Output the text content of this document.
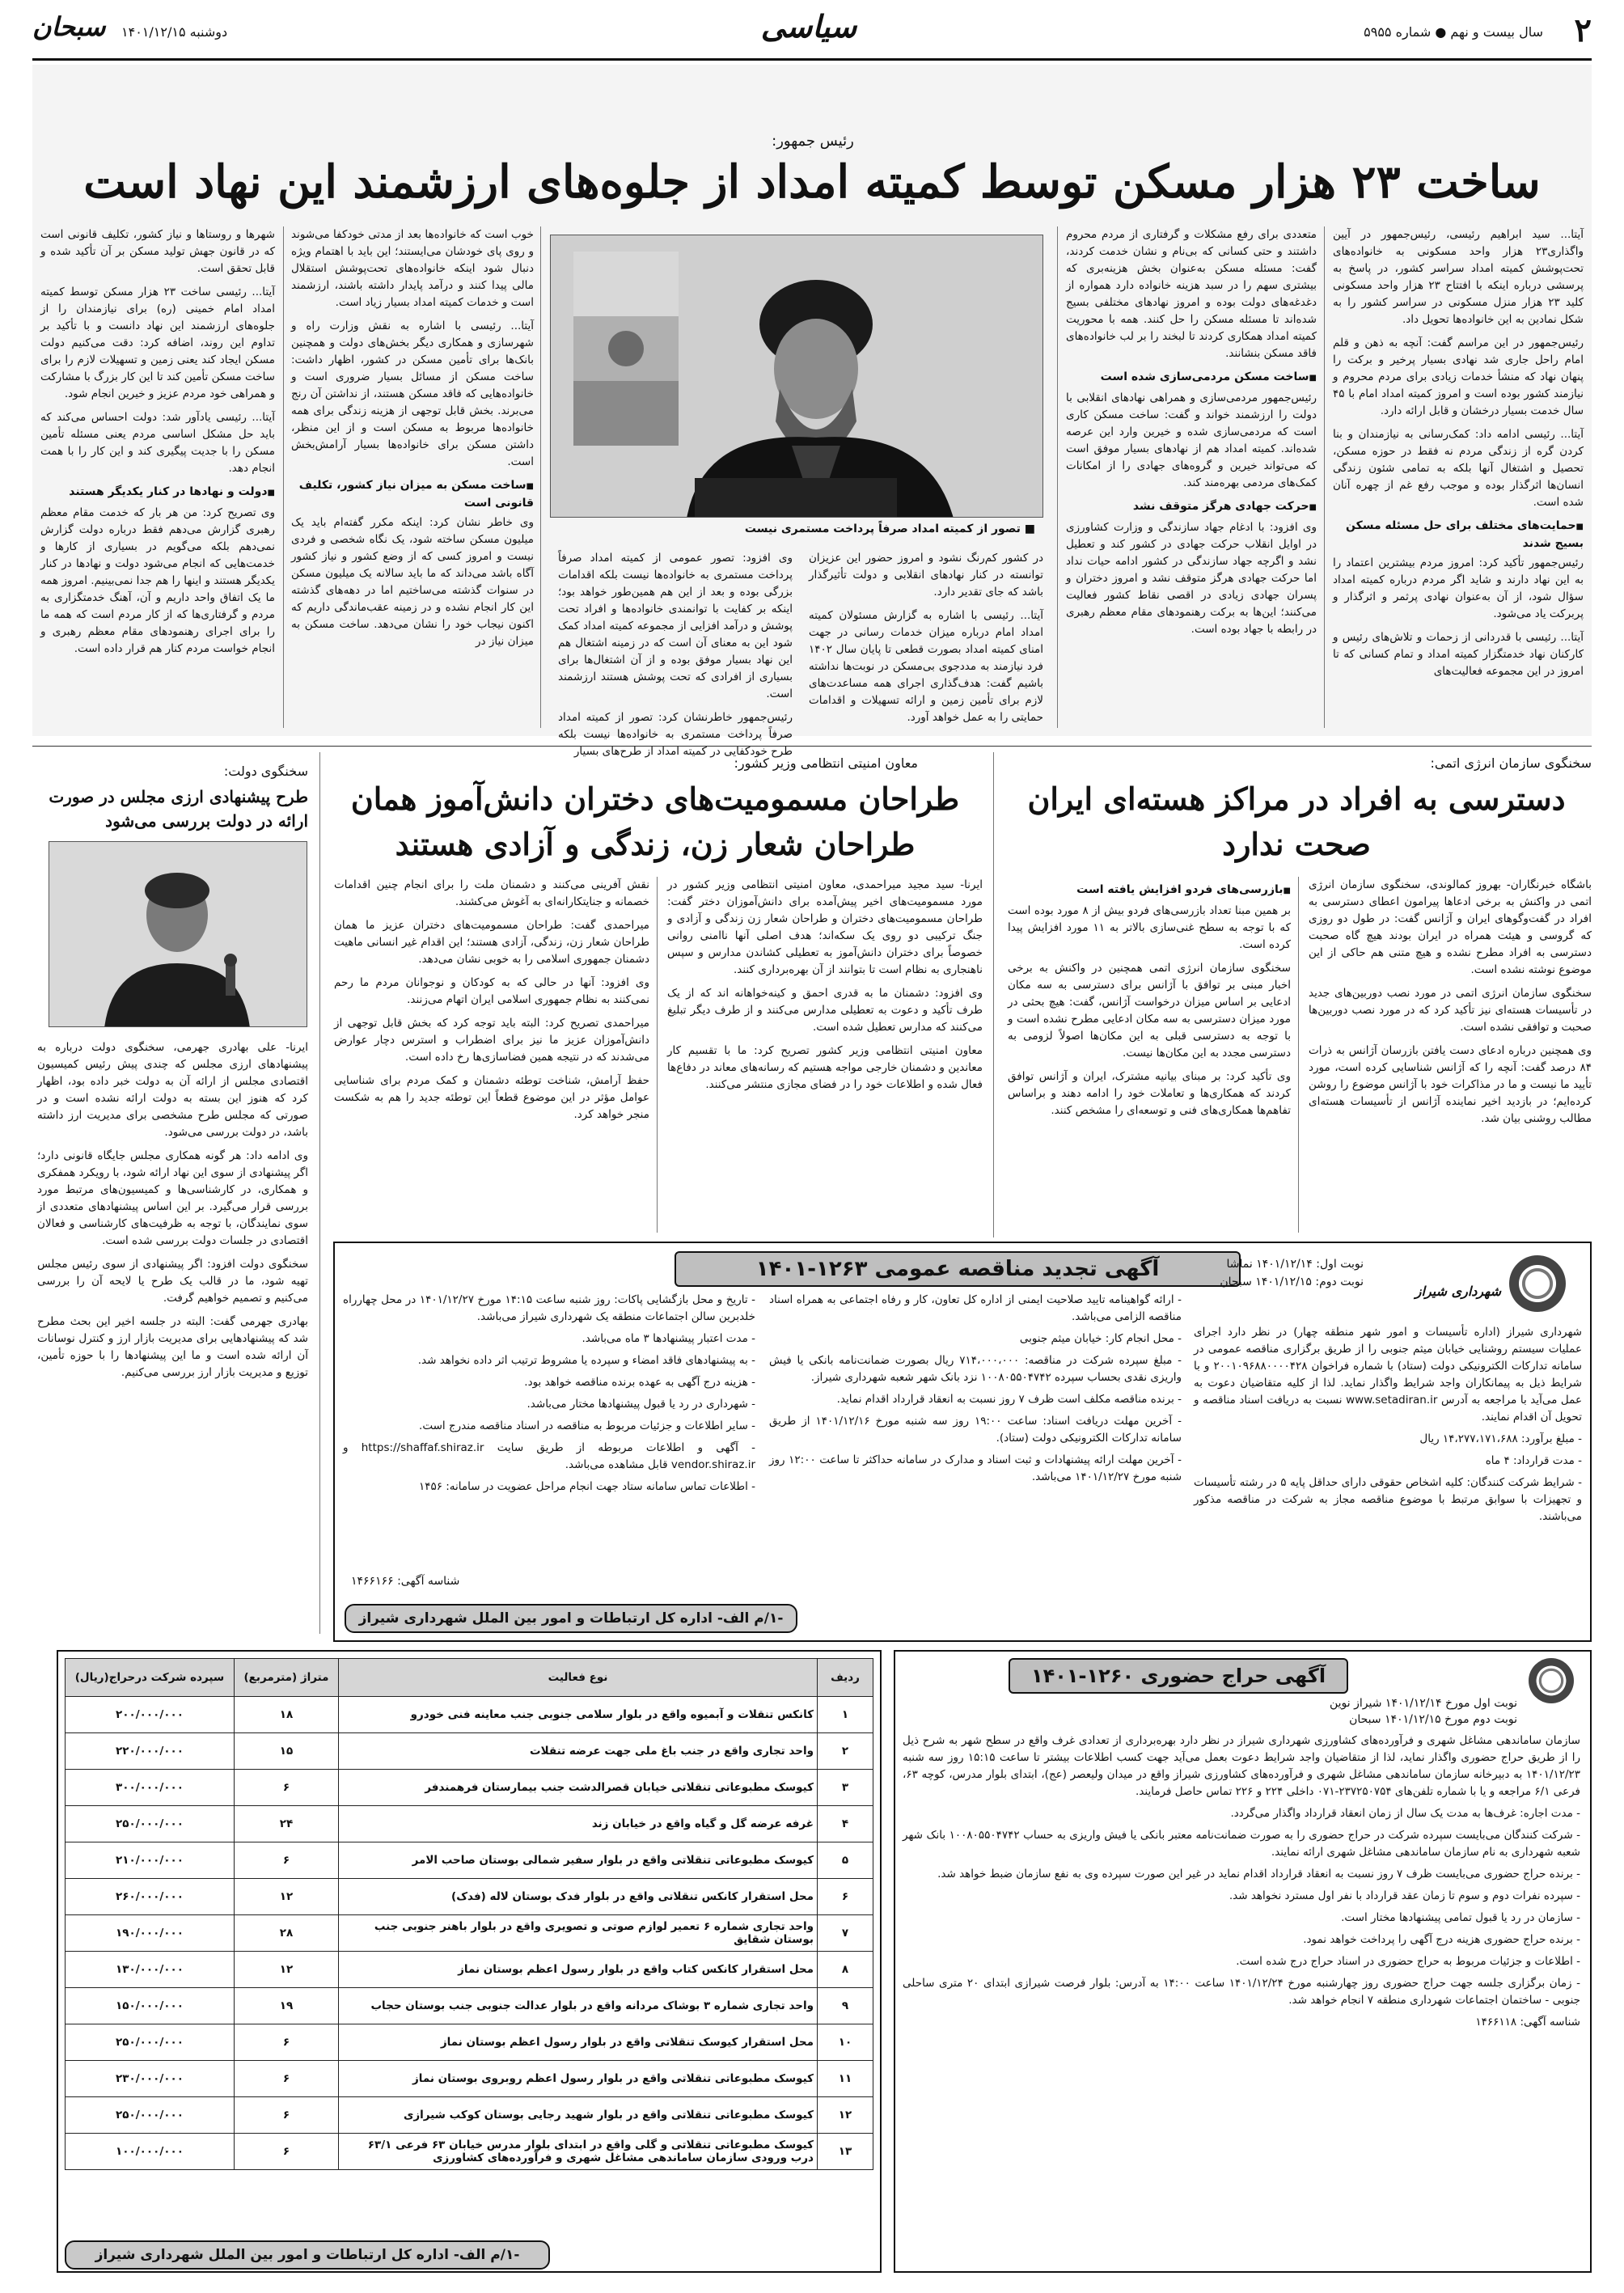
۲
سال بیست و نهم ● شماره ۵۹۵۵
سیاسی
دوشنبه ۱۴۰۱/۱۲/۱۵
سبحان
رئیس جمهور:
ساخت ۲۳ هزار مسکن توسط کمیته امداد از جلوه‌های ارزشمند این نهاد است

آیتا... سید ابراهیم رئیسی، رئیس‌جمهور در آیین واگذاری۲۳ هزار واحد مسکونی به خانواده‌های تحت‌پوشش کمیته امداد سراسر کشور، در پاسخ به پرسشی درباره اینکه با افتتاح ۲۳ هزار واحد مسکونی کلید ۲۳ هزار منزل مسکونی در سراسر کشور را به شکل نمادین به این خانواده‌ها تحویل داد.

رئیس‌جمهور در این مراسم گفت: آنچه به ذهن و قلم امام راحل جاری شد نهادی بسیار پرخیر و برکت را پنهان نهاد که منشأ خدمات زیادی برای مردم محروم و نیازمند کشور بوده است و امروز کمیته امداد امام با ۴۵ سال خدمت بسیار درخشان و قابل ارائه دارد.

آیتا... رئیسی ادامه داد: کمک‌رسانی به نیازمندان و بنا کردن گره از زندگی مردم نه فقط در حوزه مسکن، تحصیل و اشتغال آنها بلکه به تمامی شئون زندگی انسان‌ها اثرگذار بوده و موجب رفع غم از چهره آنان شده است.

■ حمایت‌های مختلف برای حل مسئله مسکن بسیج شدند

رئیس‌جمهور تأکید کرد: امروز مردم بیشترین اعتماد را به این نهاد دارند و شاید اگر مردم درباره کمیته امداد سؤال شود، از آن به‌عنوان نهادی پرثمر و اثرگذار و پربرکت یاد می‌شود.

آیتا... رئیسی با قدردانی از زحمات و تلاش‌های رئیس و کارکنان نهاد خدمتگزار کمیته امداد و تمام کسانی که تا امروز در این مجموعه فعالیت‌های

متعددی برای رفع مشکلات و گرفتاری از مردم محروم داشتند و حتی کسانی که بی‌نام و نشان خدمت کردند، گفت: مسئله مسکن به‌عنوان بخش هزینه‌بری که بیشتری سهم را در سبد هزینه خانواده دارد همواره از دغدغه‌های دولت بوده و امروز نهادهای مختلفی بسیج شده‌اند تا مسئله مسکن را حل کنند. همه با محوریت کمیته امداد همکاری کردند تا لبخند را بر لب خانواده‌های فاقد مسکن بنشانند.

■ ساخت مسکن مردمی‌سازی شده است

رئیس‌جمهور مردمی‌سازی و همراهی نهادهای انقلابی با دولت را ارزشمند خواند و گفت: ساخت مسکن کاری است که مردمی‌سازی شده و خیرین وارد این عرصه شده‌اند. کمیته امداد هم از نهادهای بسیار موفق است که می‌تواند خیرین و گروه‌های جهادی را از امکانات کمک‌های مردمی بهره‌مند کند.

■ حرکت جهادی هرگز متوقف نشد

وی افزود: با ادغام جهاد سازندگی و وزارت کشاورزی در اوایل انقلاب حرکت جهادی در کشور کند و تعطیل نشد و اگرچه جهاد سازندگی در کشور ادامه حیات نداد اما حرکت جهادی هرگز متوقف نشد و امروز دختران و پسران جهادی زیادی در اقصی نقاط کشور فعالیت می‌کنند؛ این‌ها به برکت رهنمودهای مقام معظم رهبری در رابطه با جهاد بوده است.

■ تصور از کمیته امداد صرفاً پرداخت مستمری نیست

در کشور کم‌رنگ نشود و امروز حضور این عزیزان توانسته در کنار نهادهای انقلابی و دولت تأثیرگذار باشد که جای تقدیر دارد.

آیتا... رئیسی با اشاره به گزارش مسئولان کمیته امداد امام درباره میزان خدمات رسانی در جهت امنای کمیته امداد بصورت قطعی تا پایان سال ۱۴۰۲ فرد نیازمند به مددجوی بی‌مسکن در نوبت‌ها نداشته باشیم گفت: هدف‌گذاری اجرای همه مساعدت‌های لازم برای تأمین زمین و ارائه تسهیلات و اقدامات حمایتی را به عمل خواهد آورد.

وی افزود: تصور عمومی از کمیته امداد صرفاً پرداخت مستمری به خانواده‌ها نیست بلکه اقدامات بزرگی بوده و بعد از این هم همین‌طور خواهد بود؛ اینکه بر کفایت با توانمندی خانواده‌ها و افراد تحت پوشش و درآمد افزایی از مجموعه کمیته امداد کمک شود این به معنای آن است که در زمینه اشتغال هم این نهاد بسیار موفق بوده و از آن اشتغال‌ها برای بسیاری از افرادی که تحت پوشش هستند ارزشمند است.

رئیس‌جمهور خاطرنشان کرد: تصور از کمیته امداد صرفاً پرداخت مستمری به خانواده‌ها نیست بلکه طرح خودکفایی در کمیته امداد از طرح‌های بسیار

خوب است که خانواده‌ها بعد از مدتی خودکفا می‌شوند و روی پای خودشان می‌ایستند؛ این باید با اهتمام ویژه دنبال شود اینکه خانواده‌های تحت‌پوشش استقلال مالی پیدا کنند و درآمد پایدار داشته باشند، ارزشمند است و خدمات کمیته امداد بسیار زیاد است.

آیتا... رئیسی با اشاره به نقش وزارت راه و شهرسازی و همکاری دیگر بخش‌های دولت و همچنین بانک‌ها برای تأمین مسکن در کشور، اظهار داشت: ساخت مسکن از مسائل بسیار ضروری است و خانواده‌هایی که فاقد مسکن هستند، از نداشتن آن رنج می‌برند. بخش قابل توجهی از هزینه زندگی برای همه خانواده‌ها مربوط به مسکن است و از این منظر، داشتن مسکن برای خانواده‌ها بسیار آرامش‌بخش است.

■ ساخت مسکن به میزان نیاز کشور، تکلیف قانونی است

وی خاطر نشان کرد: اینکه مکرر گفته‌ام باید یک میلیون مسکن ساخته شود، یک نگاه شخصی و فردی نیست و امروز کسی که از وضع کشور و نیاز کشور آگاه باشد می‌داند که ما باید سالانه یک میلیون مسکن در سنوات گذشته می‌ساختیم اما در دهه‌های گذشته این کار انجام نشده و در زمینه عقب‌ماندگی داریم که اکنون نیجاب خود را نشان می‌دهد. ساخت مسکن به میزان نیاز در

شهرها و روستاها و نیاز کشور، تکلیف قانونی است که در قانون جهش تولید مسکن بر آن تأکید شده و قابل تحقق است.

آیتا... رئیسی ساخت ۲۳ هزار مسکن توسط کمیته امداد امام خمینی (ره) برای نیازمندان را از جلوه‌های ارزشمند این نهاد دانست و با تأکید بر تداوم این روند، اضافه کرد: دقت می‌کنیم دولت مسکن ایجاد کند یعنی زمین و تسهیلات لازم را برای ساخت مسکن تأمین کند تا این کار بزرگ با مشارکت و همراهی خود مردم عزیز و خیرین انجام شود.

آیتا... رئیسی یادآور شد: دولت احساس می‌کند که باید حل مشکل اساسی مردم یعنی مسئله تأمین مسکن را با جدیت پیگیری کند و این کار را با همت انجام دهد.

■ دولت و نهادها در کنار یکدیگر هستند

وی تصریح کرد: من هر بار که خدمت مقام معظم رهبری گزارش می‌دهم فقط درباره دولت گزارش نمی‌دهم بلکه می‌گویم در بسیاری از کارها و خدمت‌هایی که انجام می‌شود دولت و نهادها در کنار یکدیگر هستند و اینها را هم جدا نمی‌بینیم. امروز همه ما یک اتفاق واحد داریم و آن، آهنگ خدمتگزاری به مردم و گرفتاری‌ها که از کار مردم است که همه ما را برای اجرای رهنمودهای مقام معظم رهبری و انجام خواست مردم کنار هم قرار داده است.

سخنگوی سازمان انرژی اتمی:
دسترسی به افراد در مراکز هسته‌ای ایران صحت ندارد

باشگاه خبرنگاران- بهروز کمالوندی، سخنگوی سازمان انرژی اتمی در واکنش به برخی ادعاها پیرامون اعطای دسترسی به افراد در گفت‌وگوهای ایران و آژانس گفت: در طول دو روزی که گروسی و هیئت همراه در ایران بودند هیچ گاه صحبت دسترسی به افراد مطرح نشده و هیچ متنی هم حاکی از این موضوع نوشته نشده است.

سخنگوی سازمان انرژی اتمی در مورد نصب دوربین‌های جدید در تأسیسات هسته‌ای نیز تأکید کرد که در مورد نصب دوربین‌ها صحبت و توافقی نشده است.

وی همچنین درباره ادعای دست یافتن بازرسان آژانس به ذرات ۸۴ درصد گفت: آنچه را که آژانس شناسایی کرده است، مورد تأیید ما نیست و ما در مذاکرات خود با آژانس موضوع را روشن کرده‌ایم؛ در بازدید اخیر نماینده آژانس از تأسیسات هسته‌ای مطالب روشنی بیان شد.

■ بازرسی‌های فردو افزایش یافته است

بر همین مبنا تعداد بازرسی‌های فردو بیش از ۸ مورد بوده است که با توجه به سطح غنی‌سازی بالاتر به ۱۱ مورد افزایش پیدا کرده است.

سخنگوی سازمان انرژی اتمی همچنین در واکنش به برخی اخبار مبنی بر توافق با آژانس برای دسترسی به سه مکان ادعایی بر اساس میزان درخواست آژانس، گفت: هیچ بحثی در مورد میزان دسترسی به سه مکان ادعایی مطرح نشده است و با توجه به دسترسی قبلی به این مکان‌ها اصولاً لزومی به دسترسی مجدد به این مکان‌ها نیست.

وی تأکید کرد: بر مبنای بیانیه مشترک، ایران و آژانس توافق کردند که همکاری‌ها و تعاملات خود را ادامه دهند و براساس تفاهم‌ها همکاری‌های فنی و توسعه‌ای را مشخص کنند.

معاون امنیتی انتظامی وزیر کشور:
طراحان مسمومیت‌های دختران دانش‌آموز همان طراحان شعار زن، زندگی و آزادی هستند

ایرنا- سید مجید میراحمدی، معاون امنیتی انتظامی وزیر کشور در مورد مسمومیت‌های اخیر پیش‌آمده برای دانش‌آموزان دختر گفت: طراحان مسمومیت‌های دختران و طراحان شعار زن زندگی و آزادی و جنگ ترکیبی دو روی یک سکه‌اند؛ هدف اصلی آنها ناامنی روانی خصوصاً برای دختران دانش‌آموز به تعطیلی کشاندن مدارس و سپس ناهنجاری به نظام است تا بتوانند از آن بهره‌برداری کنند.

وی افزود: دشمنان ما به قدری احمق و کینه‌خواهانه اند که از یک طرف تأکید و دعوت به تعطیلی مدارس می‌کنند و از طرف دیگر تبلیغ می‌کنند که مدارس تعطیل شده است.

معاون امنیتی انتظامی وزیر کشور تصریح کرد: ما با تقسیم کار معاندین و دشمنان خارجی مواجه هستیم که رسانه‌های معاند در دفاع‌ها فعال شده و اطلاعات خود را در فضای مجازی منتشر می‌کنند.

نقش آفرینی می‌کنند و دشمنان ملت را برای انجام چنین اقدامات خصمانه و جنایتکارانه‌ای به آغوش می‌کشند.

میراحمدی گفت: طراحان مسمومیت‌های دختران عزیز ما همان طراحان شعار زن، زندگی، آزادی هستند؛ این اقدام غیر انسانی ماهیت دشمنان جمهوری اسلامی را به خوبی نشان می‌دهد.

وی افزود: آنها در حالی که به کودکان و نوجوانان مردم ما رحم نمی‌کنند به نظام جمهوری اسلامی ایران اتهام می‌زنند.

میراحمدی تصریح کرد: البته باید توجه کرد که بخش قابل توجهی از دانش‌آموزان عزیز ما نیز برای اضطراب و استرس دچار عوارض می‌شدند که در نتیجه همین فضاسازی‌ها رخ داده است.

حفظ آرامش، شناخت توطئه دشمنان و کمک مردم برای شناسایی عوامل مؤثر در این موضوع قطعاً این توطئه جدید را هم به شکست منجر خواهد کرد.

سخنگوی دولت:
طرح پیشنهادی ارزی مجلس در صورت ارائه در دولت بررسی می‌شود

ایرنا- علی بهادری جهرمی، سخنگوی دولت درباره به پیشنهادهای ارزی مجلس که چندی پیش رئیس کمیسیون اقتصادی مجلس از ارائه آن به دولت خبر داده بود، اظهار کرد که هنوز این بسته به دولت ارائه نشده است و در صورتی که مجلس طرح مشخصی برای مدیریت ارز داشته باشد، در دولت بررسی می‌شود.

وی ادامه داد: هر گونه همکاری مجلس جایگاه قانونی دارد؛ اگر پیشنهادی از سوی این نهاد ارائه شود، با رویکرد همفکری و همکاری، در کارشناسی‌ها و کمیسیون‌های مرتبط مورد بررسی قرار می‌گیرد. بر این اساس پیشنهادهای متعددی از سوی نمایندگان، با توجه به ظرفیت‌های کارشناسی و فعالان اقتصادی در جلسات دولت بررسی شده است.

سخنگوی دولت افزود: اگر پیشنهادی از سوی رئیس مجلس تهیه شود، ما در قالب یک طرح یا لایحه آن را بررسی می‌کنیم و تصمیم خواهیم گرفت.

بهادری جهرمی گفت: البته در جلسه اخیر این بحث مطرح شد که پیشنهادهایی برای مدیریت بازار ارز و کنترل نوسانات آن ارائه شده است و ما این پیشنهادها را با حوزه تأمین، توزیع و مدیریت بازار ارز بررسی می‌کنیم.

آگهی تجدید مناقصه عمومی ۱۲۶۳-۱۴۰۱
شهرداری شیراز
نوبت اول: ۱۴۰۱/۱۲/۱۴ نماشا
نوبت دوم: ۱۴۰۱/۱۲/۱۵ سبحان

شهرداری شیراز (اداره تأسیسات و امور شهر منطقه چهار) در نظر دارد اجرای عملیات سیستم روشنایی خیابان میثم جنوبی را از طریق برگزاری مناقصه عمومی در سامانه تدارکات الکترونیکی دولت (ستاد) با شماره فراخوان ۲۰۰۱۰۹۶۸۸۰۰۰۰۴۲۸ و با شرایط ذیل به پیمانکاران واجد شرایط واگذار نماید. لذا از کلیه متقاضیان دعوت به عمل می‌آید با مراجعه به آدرس www.setadiran.ir نسبت به دریافت اسناد مناقصه و تحویل آن اقدام نمایند.

- مبلغ برآورد: ۱۴،۲۷۷،۱۷۱،۶۸۸ ریال

- مدت قرارداد: ۴ ماه

- شرایط شرکت کنندگان: کلیه اشخاص حقوقی دارای حداقل پایه ۵ در رشته تأسیسات و تجهیزات با سوابق مرتبط با موضوع مناقصه مجاز به شرکت در مناقصه مذکور می‌باشند.

- ارائه گواهینامه تایید صلاحیت ایمنی از اداره کل تعاون، کار و رفاه اجتماعی به همراه اسناد مناقصه الزامی می‌باشد.

- محل انجام کار: خیابان میثم جنوبی

- مبلغ سپرده شرکت در مناقصه: ۷۱۴،۰۰۰،۰۰۰ ریال بصورت ضمانت‌نامه بانکی یا فیش واریزی نقدی بحساب سپرده ۱۰۰۸۰۵۵۰۴۷۴۲ نزد بانک شهر شعبه شهرداری شیراز.

- برنده مناقصه مکلف است ظرف ۷ روز نسبت به انعقاد قرارداد اقدام نماید.

- آخرین مهلت دریافت اسناد: ساعت ۱۹:۰۰ روز سه شنبه مورخ ۱۴۰۱/۱۲/۱۶ از طریق سامانه تدارکات الکترونیکی دولت (ستاد).

- آخرین مهلت ارائه پیشنهادات و ثبت اسناد و مدارک در سامانه حداکثر تا ساعت ۱۲:۰۰ روز شنبه مورخ ۱۴۰۱/۱۲/۲۷ می‌باشد.

- تاریخ و محل بازگشایی پاکات: روز شنبه ساعت ۱۴:۱۵ مورخ ۱۴۰۱/۱۲/۲۷ در محل چهارراه خلدبرین سالن اجتماعات منطقه یک شهرداری شیراز می‌باشد.

- مدت اعتبار پیشنهادها ۳ ماه می‌باشد.

- به پیشنهادهای فاقد امضاء و سپرده یا مشروط ترتیب اثر داده نخواهد شد.

- هزینه درج آگهی به عهده برنده مناقصه خواهد بود.

- شهرداری در رد یا قبول پیشنهادها مختار می‌باشد.

- سایر اطلاعات و جزئیات مربوط به مناقصه در اسناد مناقصه مندرج است.

- آگهی و اطلاعات مربوطه از طریق سایت https://shaffaf.shiraz.ir و vendor.shiraz.ir قابل مشاهده می‌باشد.

- اطلاعات تماس سامانه ستاد جهت انجام مراحل عضویت در سامانه: ۱۴۵۶

شناسه آگهی: ۱۴۶۶۱۶۶
-۱/م الف- اداره کل ارتباطات و امور بین الملل شهرداری شیراز
ردیف	نوع فعالیت	متراژ (مترمربع)	سپرده شرکت درحراج(ریال)
۱	کانکس تنقلات و آبمیوه واقع در بلوار سلامی جنوبی جنب معاینه فنی خودرو	۱۸	۲۰۰/۰۰۰/۰۰۰
۲	واحد تجاری واقع در جنب باغ ملی جهت عرضه تنقلات	۱۵	۲۲۰/۰۰۰/۰۰۰
۳	کیوسک مطبوعاتی تنقلاتی خیابان قصرالدشت جنب بیمارستان فرهمندفر	۶	۳۰۰/۰۰۰/۰۰۰
۴	غرفه عرضه گل و گیاه واقع در خیابان زند	۲۴	۲۵۰/۰۰۰/۰۰۰
۵	کیوسک مطبوعاتی تنقلاتی واقع در بلوار سفیر شمالی بوستان صاحب الامر	۶	۲۱۰/۰۰۰/۰۰۰
۶	محل استقرار کانکس تنقلاتی واقع در بلوار فدک بوستان لاله (فدک)	۱۲	۲۶۰/۰۰۰/۰۰۰
۷	واحد تجاری شماره ۶ تعمیر لوازم صوتی و تصویری واقع در بلوار باهنر جنوبی جنب بوستان شقایق	۲۸	۱۹۰/۰۰۰/۰۰۰
۸	محل استقرار کانکس کتاب واقع در بلوار رسول اعظم بوستان نماز	۱۲	۱۳۰/۰۰۰/۰۰۰
۹	واحد تجاری شماره ۳ بوشاک مردانه واقع در بلوار عدالت جنوبی جنب بوستان حجاب	۱۹	۱۵۰/۰۰۰/۰۰۰
۱۰	محل استقرار کیوسک تنقلاتی واقع در بلوار رسول اعظم بوستان نماز	۶	۲۵۰/۰۰۰/۰۰۰
۱۱	کیوسک مطبوعاتی تنقلاتی واقع در بلوار رسول اعظم روبروی بوستان نماز	۶	۲۳۰/۰۰۰/۰۰۰
۱۲	کیوسک مطبوعاتی تنقلاتی واقع در بلوار شهید رجایی بوستان کوکب شیرازی	۶	۲۵۰/۰۰۰/۰۰۰
۱۳	کیوسک مطبوعاتی تنقلاتی و گلی واقع در ابتدای بلوار مدرس خیابان ۶۳ فرعی ۶۳/۱ درب ورودی سازمان ساماندهی مشاغل شهری و فرآورده‌های کشاورزی	۶	۱۰۰/۰۰۰/۰۰۰
-۱/م الف- اداره کل ارتباطات و امور بین الملل شهرداری شیراز
آگهی حراج حضوری ۱۲۶۰-۱۴۰۱
نوبت اول مورخ ۱۴۰۱/۱۲/۱۴ شیراز نوین
نوبت دوم مورخ ۱۴۰۱/۱۲/۱۵ سبحان

سازمان ساماندهی مشاغل شهری و فرآورده‌های کشاورزی شهرداری شیراز در نظر دارد بهره‌برداری از تعدادی غرف واقع در سطح شهر به شرح ذیل را از طریق حراج حضوری واگذار نماید، لذا از متقاضیان واجد شرایط دعوت بعمل می‌آید جهت کسب اطلاعات بیشتر تا ساعت ۱۵:۱۵ روز سه شنبه ۱۴۰۱/۱۲/۲۳ به دبیرخانه سازمان ساماندهی مشاغل شهری و فرآورده‌های کشاورزی شیراز واقع در میدان ولیعصر (عج)، ابتدای بلوار مدرس، کوچه ۶۳، فرعی ۶/۱ مراجعه و یا با شماره تلفن‌های ۲۳۷۲۵۰۷۵۴-۰۷۱ داخلی ۲۲۴ و ۲۲۶ تماس حاصل فرمایند.

- مدت اجاره: غرف‌ها به مدت یک سال از زمان انعقاد قرارداد واگذار می‌گردد.

- شرکت کنندگان می‌بایست سپرده شرکت در حراج حضوری را به صورت ضمانت‌نامه معتبر بانکی یا فیش واریزی به حساب ۱۰۰۸۰۵۵۰۴۷۴۲ بانک شهر شعبه شهرداری به نام سازمان ساماندهی مشاغل شهری ارائه نمایند.

- برنده حراج حضوری می‌بایست ظرف ۷ روز نسبت به انعقاد قرارداد اقدام نماید در غیر این صورت سپرده وی به نفع سازمان ضبط خواهد شد.

- سپرده نفرات دوم و سوم تا زمان عقد قرارداد با نفر اول مسترد نخواهد شد.

- سازمان در رد یا قبول تمامی پیشنهادها مختار است.

- برنده حراج حضوری هزینه درج آگهی را پرداخت خواهد نمود.

- اطلاعات و جزئیات مربوط به حراج حضوری در اسناد حراج درج شده است.

- زمان برگزاری جلسه جهت حراج حضوری روز چهارشنبه مورخ ۱۴۰۱/۱۲/۲۴ ساعت ۱۴:۰۰ به آدرس: بلوار فرصت شیرازی ابتدای ۲۰ متری ساحلی جنوبی - ساختمان اجتماعات شهرداری منطقه ۷ انجام خواهد شد.

شناسه آگهی: ۱۴۶۶۱۱۸
